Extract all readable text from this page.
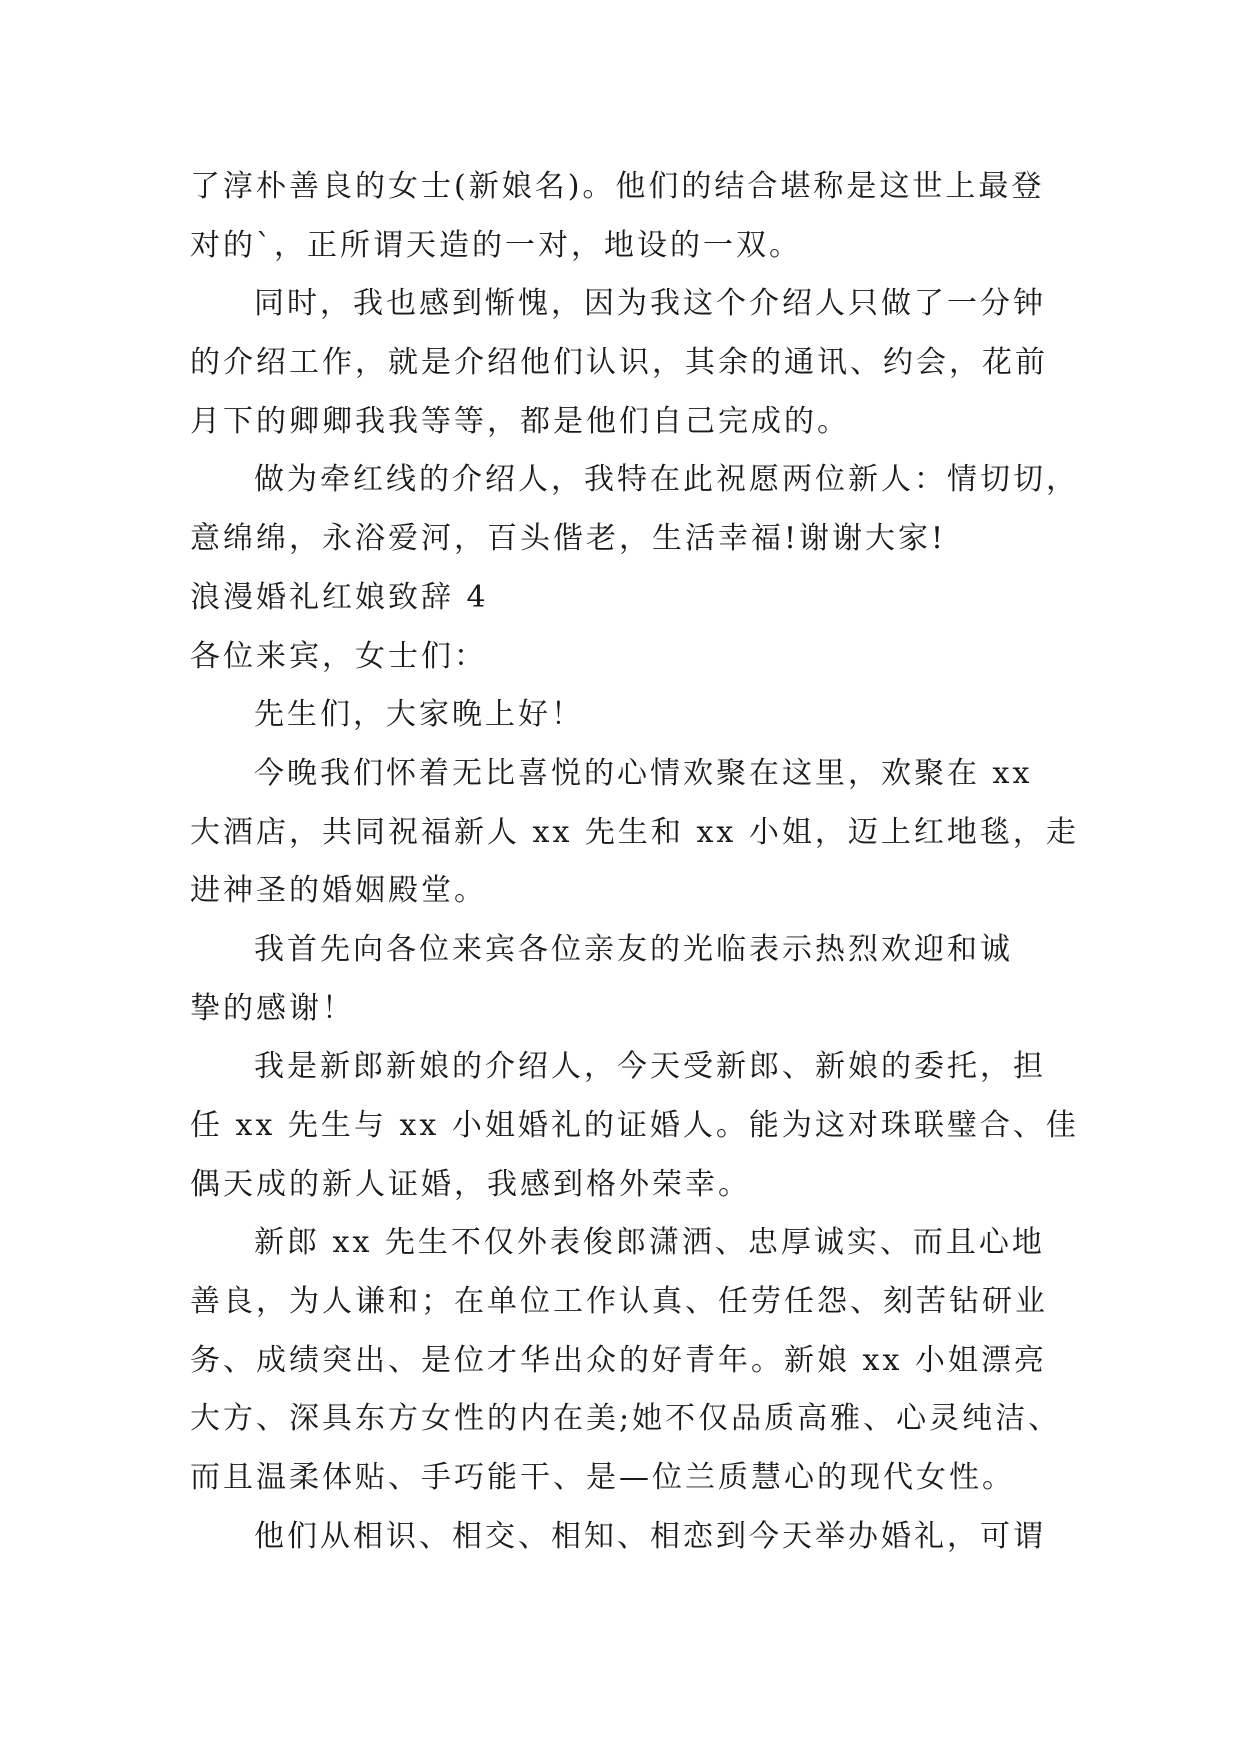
了淳朴善良的女士(新娘名)。他们的结合堪称是这世上最登
对的`，正所谓天造的一对，地设的一双。
同时，我也感到惭愧，因为我这个介绍人只做了一分钟
的介绍工作，就是介绍他们认识，其余的通讯、约会，花前
月下的卿卿我我等等，都是他们自己完成的。
做为牵红线的介绍人，我特在此祝愿两位新人：情切切，
意绵绵，永浴爱河，百头偕老，生活幸福!谢谢大家!
浪漫婚礼红娘致辞 4
各位来宾，女士们：
先生们，大家晚上好！
今晚我们怀着无比喜悦的心情欢聚在这里，欢聚在 xx
大酒店，共同祝福新人 xx 先生和 xx 小姐，迈上红地毯，走
进神圣的婚姻殿堂。
我首先向各位来宾各位亲友的光临表示热烈欢迎和诚
挚的感谢！
我是新郎新娘的介绍人，今天受新郎、新娘的委托，担
任 xx 先生与 xx 小姐婚礼的证婚人。能为这对珠联璧合、佳
偶天成的新人证婚，我感到格外荣幸。
新郎 xx 先生不仅外表俊郎潇洒、忠厚诚实、而且心地
善良，为人谦和；在单位工作认真、任劳任怨、刻苦钻研业
务、成绩突出、是位才华出众的好青年。新娘 xx 小姐漂亮
大方、深具东方女性的内在美;她不仅品质高雅、心灵纯洁、
而且温柔体贴、手巧能干、是—位兰质慧心的现代女性。
他们从相识、相交、相知、相恋到今天举办婚礼，可谓
